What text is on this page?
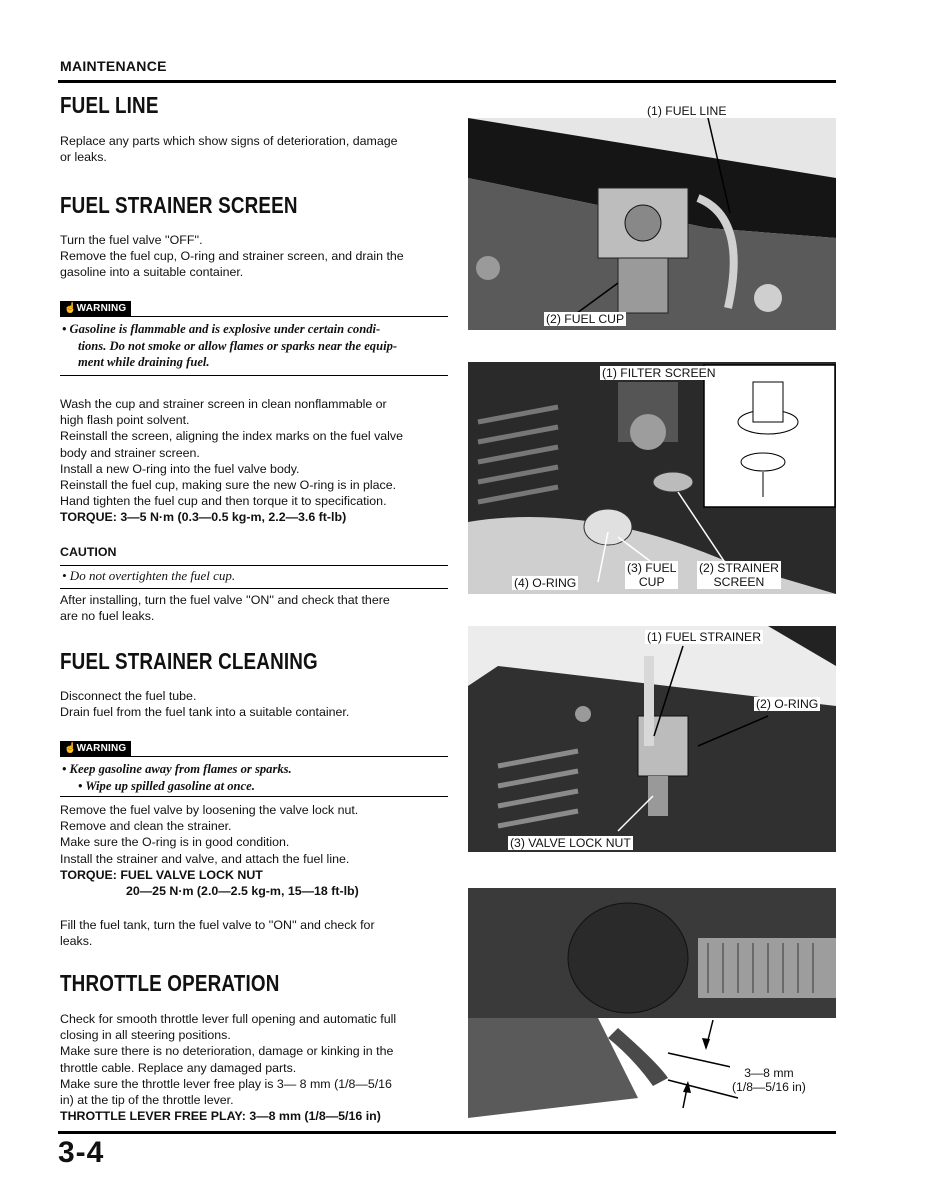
MAINTENANCE
FUEL LINE

Replace any parts which show signs of deterioration, damage

or leaks.

FUEL STRAINER SCREEN

Turn the fuel valve ''OFF''.

Remove the fuel cup, O-ring and strainer screen, and drain the

gasoline into a suitable container.

☝WARNING

• Gasoline is flammable and is explosive under certain condi-
tions. Do not smoke or allow flames or sparks near the equip-
ment while draining fuel.

Wash the cup and strainer screen in clean nonflammable or

high flash point solvent.

Reinstall the screen, aligning the index marks on the fuel valve

body and strainer screen.

Install a new O-ring into the fuel valve body.

Reinstall the fuel cup, making sure the new O-ring is in place.

Hand tighten the fuel cup and then torque it to specification.

TORQUE: 3—5 N·m (0.3—0.5 kg-m, 2.2—3.6 ft-lb)

CAUTION

• Do not overtighten the fuel cup.

After installing, turn the fuel valve ''ON'' and check that there

are no fuel leaks.

FUEL STRAINER CLEANING

Disconnect the fuel tube.

Drain fuel from the fuel tank into a suitable container.

☝WARNING

• Keep gasoline away from flames or sparks.
• Wipe up spilled gasoline at once.

Remove the fuel valve by loosening the valve lock nut.

Remove and clean the strainer.

Make sure the O-ring is in good condition.

Install the strainer and valve, and attach the fuel line.

TORQUE: FUEL VALVE LOCK NUT

20—25 N·m (2.0—2.5 kg-m, 15—18 ft-lb)

Fill the fuel tank, turn the fuel valve to ''ON'' and check for

leaks.

THROTTLE OPERATION

Check for smooth throttle lever full opening and automatic full

closing in all steering positions.

Make sure there is no deterioration, damage or kinking in the

throttle cable. Replace any damaged parts.

Make sure the throttle lever free play is 3— 8 mm (1/8—5/16

in) at the tip of the throttle lever.

THROTTLE LEVER FREE PLAY: 3—8 mm (1/8—5/16 in)

3-4
(1) FUEL LINE
(2) FUEL CUP
(1) FILTER SCREEN
(2) STRAINER
SCREEN
(3) FUEL
CUP
(4) O-RING
(1) FUEL STRAINER
(2) O-RING
(3) VALVE LOCK NUT
3—8 mm
(1/8—5/16 in)
